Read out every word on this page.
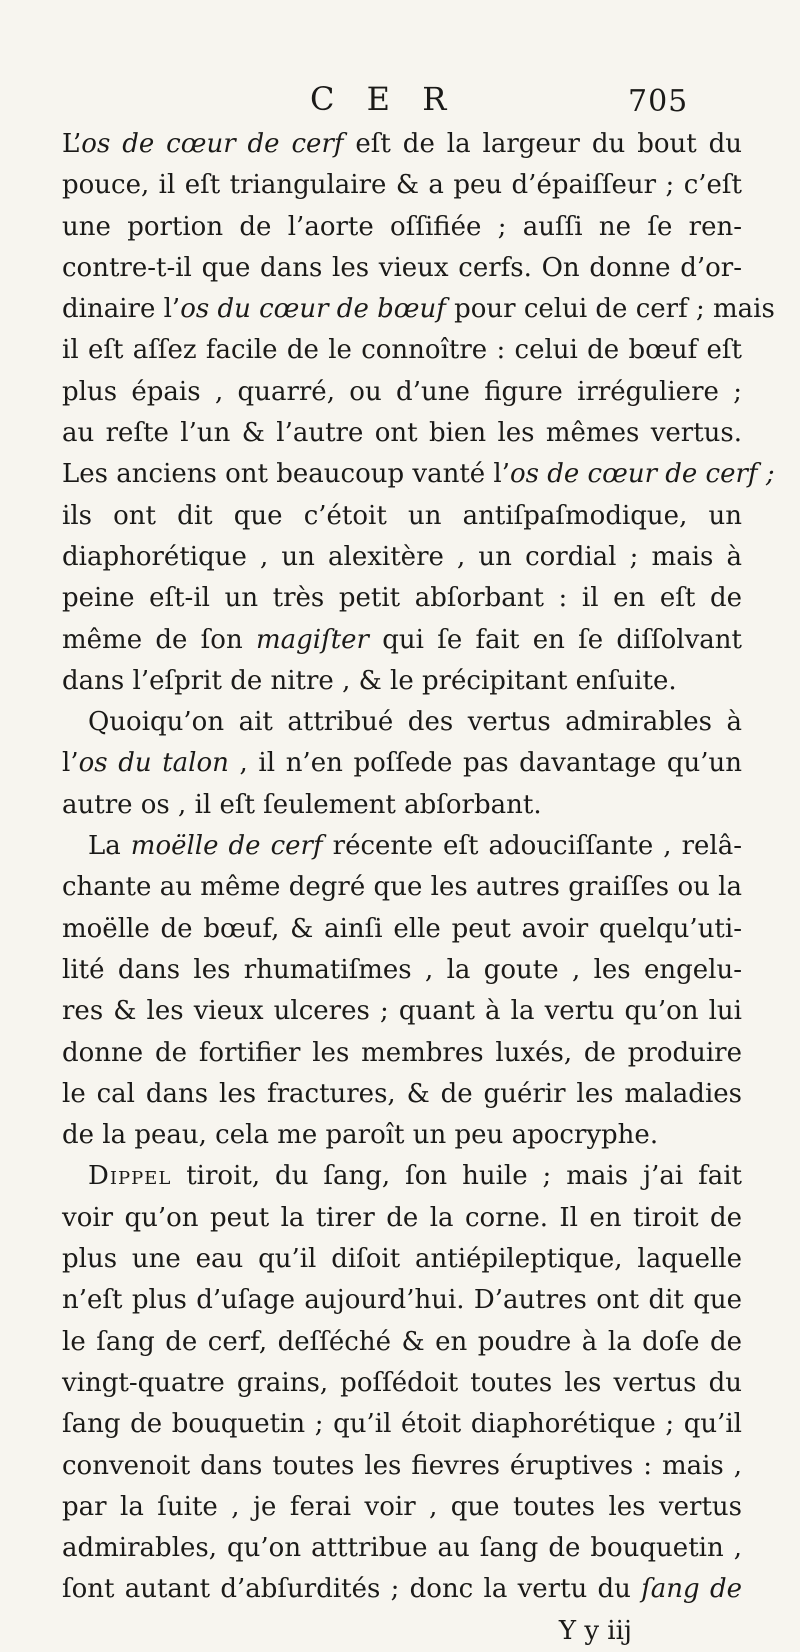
C E R	705
L’os de cœur de cerf eſt de la largeur du bout du
pouce, il eſt triangulaire & a peu d’épaiſſeur ; c’eſt
une portion de l’aorte oſſifiée ; auſſi ne ſe ren-
contre-t-il que dans les vieux cerfs. On donne d’or-
dinaire l’os du cœur de bœuf pour celui de cerf ; mais
il eſt aſſez facile de le connoître : celui de bœuf eſt
plus épais , quarré, ou d’une figure irréguliere ;
au reſte l’un & l’autre ont bien les mêmes vertus.
Les anciens ont beaucoup vanté l’os de cœur de cerf ;
ils ont dit que c’étoit un antiſpaſmodique, un
diaphorétique , un alexitère , un cordial ; mais à
peine eſt-il un très petit abſorbant : il en eſt de
même de ſon magiſter qui ſe fait en ſe diſſolvant
dans l’eſprit de nitre , & le précipitant enſuite.
Quoiqu’on ait attribué des vertus admirables à
l’os du talon , il n’en poſſede pas davantage qu’un
autre os , il eſt ſeulement abſorbant.
La moëlle de cerf récente eſt adouciſſante , relâ-
chante au même degré que les autres graiſſes ou la
moëlle de bœuf, & ainſi elle peut avoir quelqu’uti-
lité dans les rhumatiſmes , la goute , les engelu-
res & les vieux ulceres ; quant à la vertu qu’on lui
donne de fortifier les membres luxés, de produire
le cal dans les fractures, & de guérir les maladies
de la peau, cela me paroît un peu apocryphe.
Dippel tiroit, du ſang, ſon huile ; mais j’ai fait
voir qu’on peut la tirer de la corne. Il en tiroit de
plus une eau qu’il diſoit antiépileptique, laquelle
n’eſt plus d’uſage aujourd’hui. D’autres ont dit que
le ſang de cerf, deſſéché & en poudre à la doſe de
vingt-quatre grains, poſſédoit toutes les vertus du
ſang de bouquetin ; qu’il étoit diaphorétique ; qu’il
convenoit dans toutes les fievres éruptives : mais ,
par la ſuite , je ferai voir , que toutes les vertus
admirables, qu’on atttribue au ſang de bouquetin ,
ſont autant d’abſurdités ; donc la vertu du ſang de
Y y iij
